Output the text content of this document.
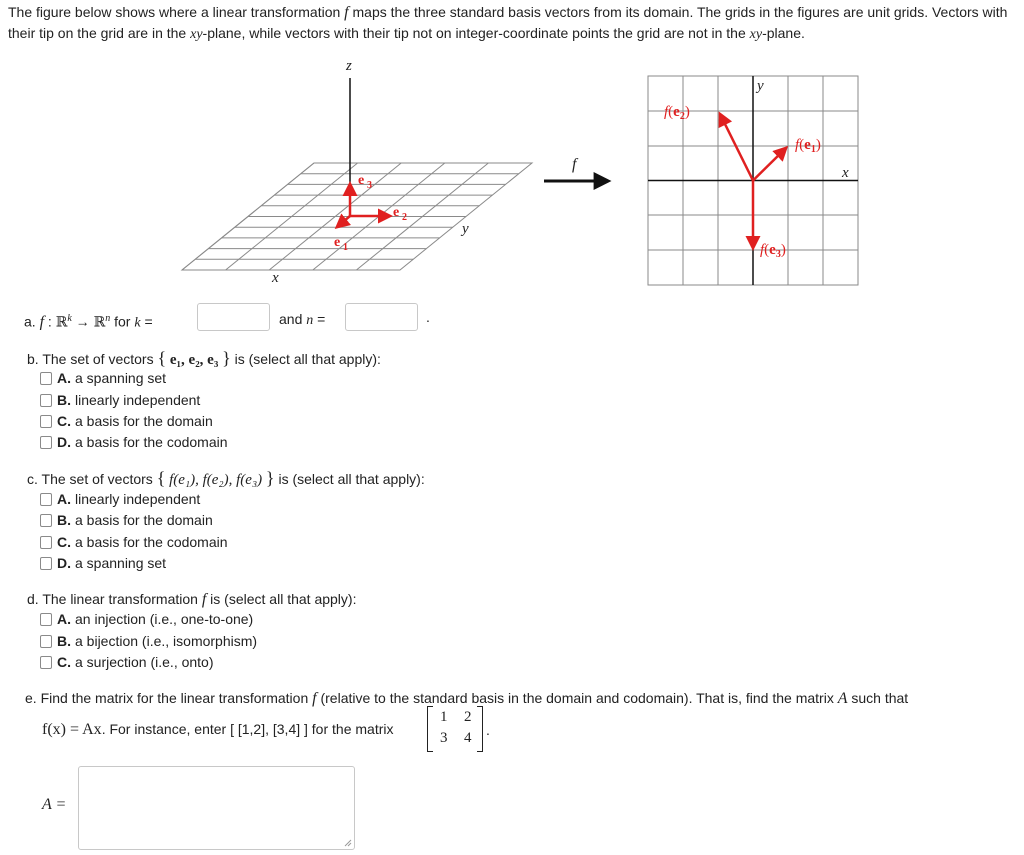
The figure below shows where a linear transformation f maps the three standard basis vectors from its domain. The grids in the figures are unit grids. Vectors with their tip on the grid are in the xy-plane, while vectors with their tip not on integer-coordinate points the grid are not in the xy-plane.
z
x
y
e 3
e 2
e 1
f
y
x
$f(e_2)$
$f(e_1)$
$f(e_3)$
a. f : ℝ$^k$ → ℝ$^n$ for k =	and n =	.
b. The set of vectors { e₁, e₂, e₃ } is (select all that apply):
A. a spanning set
B. linearly independent
C. a basis for the domain
D. a basis for the codomain
c. The set of vectors { f(e₁), f(e₂), f(e₃) } is (select all that apply):
A. linearly independent
B. a basis for the domain
C. a basis for the codomain
D. a spanning set
d. The linear transformation f is (select all that apply):
A. an injection (i.e., one-to-one)
B. a bijection (i.e., isomorphism)
C. a surjection (i.e., onto)
e. Find the matrix for the linear transformation f (relative to the standard basis in the domain and codomain). That is, find the matrix A such that
f(x) = Ax. For instance, enter [ [1,2], [3,4] ] for the matrix
1 2
3 4 .
A =
